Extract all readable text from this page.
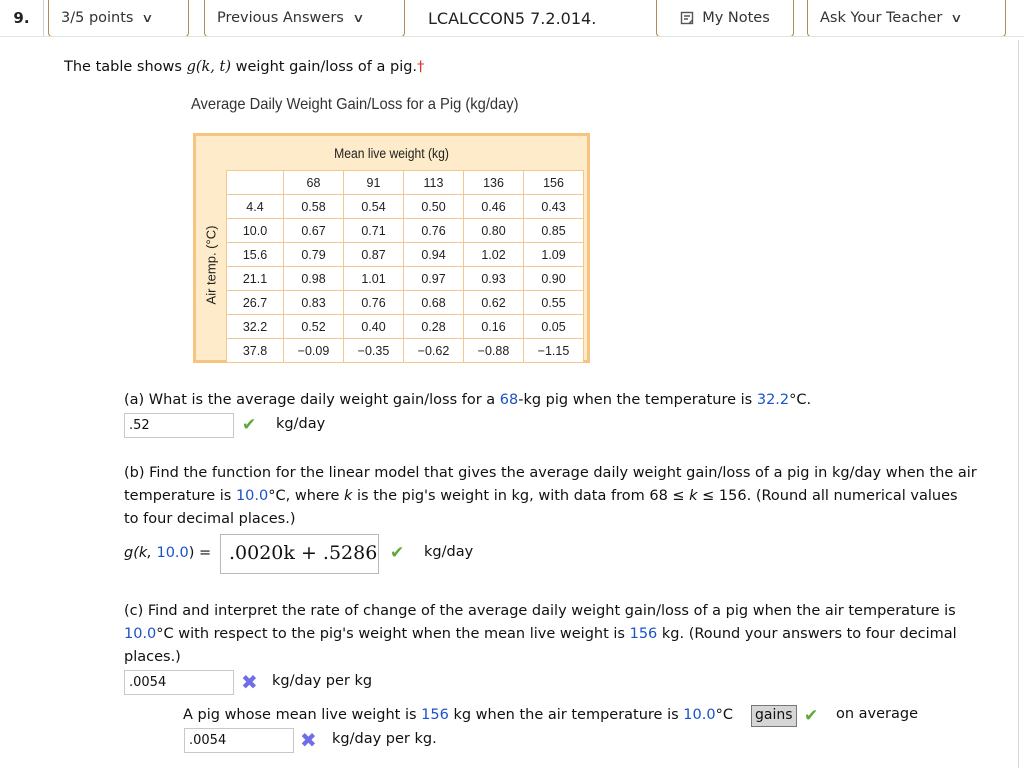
9.	3/5 points ∨	Previous Answers ∨	LCALCCON5 7.2.014.	My Notes	Ask Your Teacher ∨
The table shows g(k, t) weight gain/loss of a pig.†
Average Daily Weight Gain/Loss for a Pig (kg/day)
Mean live weight (kg)
Air temp. (°C)
	68	91	113	136	156
4.4	0.58	0.54	0.50	0.46	0.43
10.0	0.67	0.71	0.76	0.80	0.85
15.6	0.79	0.87	0.94	1.02	1.09
21.1	0.98	1.01	0.97	0.93	0.90
26.7	0.83	0.76	0.68	0.62	0.55
32.2	0.52	0.40	0.28	0.16	0.05
37.8	−0.09	−0.35	−0.62	−0.88	−1.15
(a) What is the average daily weight gain/loss for a 68-kg pig when the temperature is 32.2°C.
.52	✔ kg/day
(b) Find the function for the linear model that gives the average daily weight gain/loss of a pig in kg/day when the air
temperature is 10.0°C, where k is the pig's weight in kg, with data from 68 ≤ k ≤ 156. (Round all numerical values
to four decimal places.)
g(k, 10.0) = .0020k + .5286 ✔ kg/day
(c) Find and interpret the rate of change of the average daily weight gain/loss of a pig when the air temperature is
10.0°C with respect to the pig's weight when the mean live weight is 156 kg. (Round your answers to four decimal
places.)
.0054	✖ kg/day per kg
A pig whose mean live weight is 156 kg when the air temperature is 10.0°C gains ✔ on average
.0054	✖ kg/day per kg.
